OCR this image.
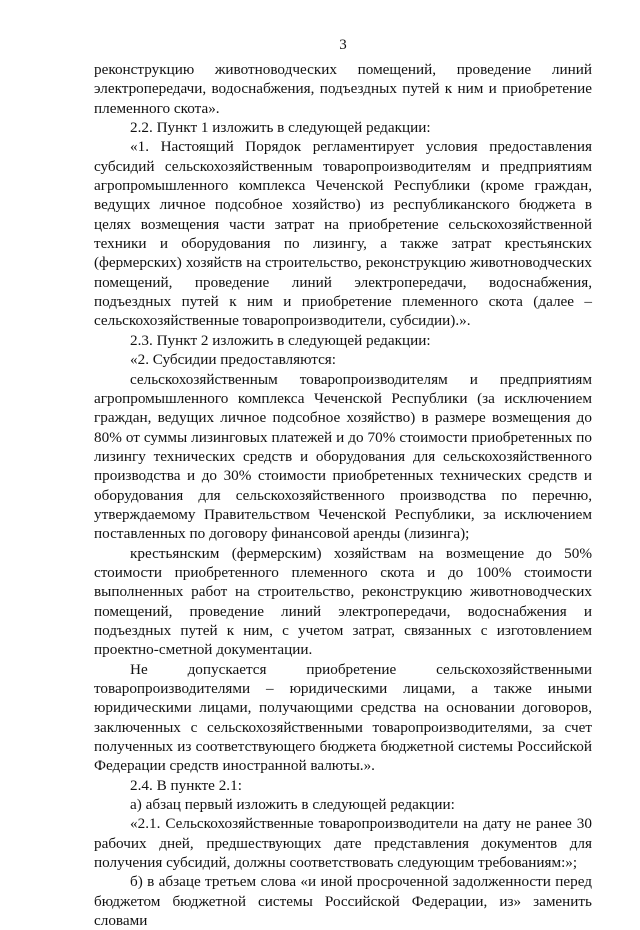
3

реконструкцию животноводческих помещений, проведение линий электропередачи, водоснабжения, подъездных путей к ним и приобретение племенного скота».

2.2. Пункт 1 изложить в следующей редакции:

«1. Настоящий Порядок регламентирует условия предоставления субсидий сельскохозяйственным товаропроизводителям и предприятиям агропромышленного комплекса Чеченской Республики (кроме граждан, ведущих личное подсобное хозяйство) из республиканского бюджета в целях возмещения части затрат на приобретение сельскохозяйственной техники и оборудования по лизингу, а также затрат крестьянских (фермерских) хозяйств на строительство, реконструкцию животноводческих помещений, проведение линий электропередачи, водоснабжения, подъездных путей к ним и приобретение племенного скота (далее – сельскохозяйственные товаропроизводители, субсидии).».

2.3. Пункт 2 изложить в следующей редакции:

«2. Субсидии предоставляются:

сельскохозяйственным товаропроизводителям и предприятиям агропромышленного комплекса Чеченской Республики (за исключением граждан, ведущих личное подсобное хозяйство) в размере возмещения до 80% от суммы лизинговых платежей и до 70% стоимости приобретенных по лизингу технических средств и оборудования для сельскохозяйственного производства и до 30% стоимости приобретенных технических средств и оборудования для сельскохозяйственного производства по перечню, утверждаемому Правительством Чеченской Республики, за исключением поставленных по договору финансовой аренды (лизинга);

крестьянским (фермерским) хозяйствам на возмещение до 50% стоимости приобретенного племенного скота и до 100% стоимости выполненных работ на строительство, реконструкцию животноводческих помещений, проведение линий электропередачи, водоснабжения и подъездных путей к ним, с учетом затрат, связанных с изготовлением проектно-сметной документации.

Не допускается приобретение сельскохозяйственными товаропроизводителями – юридическими лицами, а также иными юридическими лицами, получающими средства на основании договоров, заключенных с сельскохозяйственными товаропроизводителями, за счет полученных из соответствующего бюджета бюджетной системы Российской Федерации средств иностранной валюты.».

2.4. В пункте 2.1:

а) абзац первый изложить в следующей редакции:

«2.1. Сельскохозяйственные товаропроизводители на дату не ранее 30 рабочих дней, предшествующих дате представления документов для получения субсидий, должны соответствовать следующим требованиям:»;

б) в абзаце третьем слова «и иной просроченной задолженности перед бюджетом бюджетной системы Российской Федерации, из» заменить словами
